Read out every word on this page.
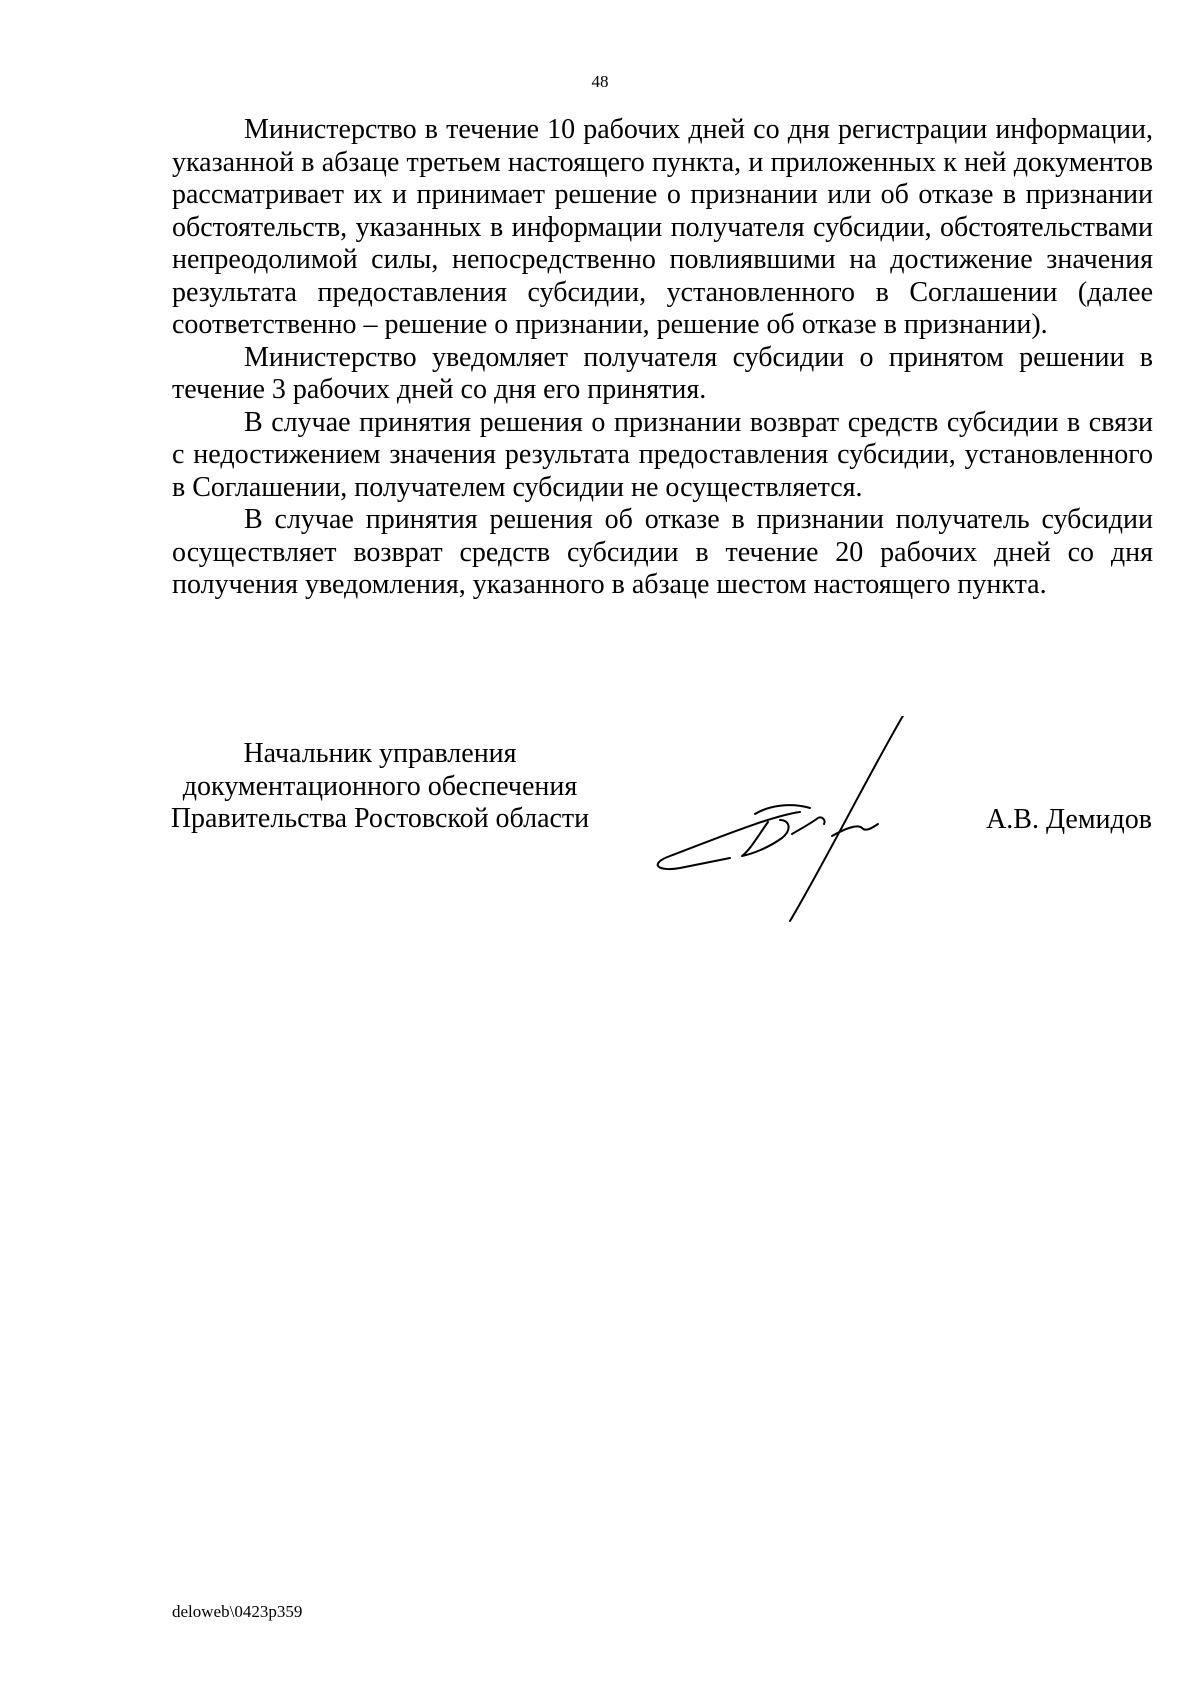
48

Министерство в течение 10 рабочих дней со дня регистрации информации, указанной в абзаце третьем настоящего пункта, и приложенных к ней документов рассматривает их и принимает решение о признании или об отказе в признании обстоятельств, указанных в информации получателя субсидии, обстоятельствами непреодолимой силы, непосредственно повлиявшими на достижение значения результата предоставления субсидии, установленного в Соглашении (далее соответственно – решение о признании, решение об отказе в признании).

Министерство уведомляет получателя субсидии о принятом решении в течение 3 рабочих дней со дня его принятия.

В случае принятия решения о признании возврат средств субсидии в связи с недостижением значения результата предоставления субсидии, установленного в Соглашении, получателем субсидии не осуществляется.

В случае принятия решения об отказе в признании получатель субсидии осуществляет возврат средств субсидии в течение 20 рабочих дней со дня получения уведомления, указанного в абзаце шестом настоящего пункта.

Начальник управления
документационного обеспечения
Правительства Ростовской области	А.В. Демидов
deloweb\0423p359
